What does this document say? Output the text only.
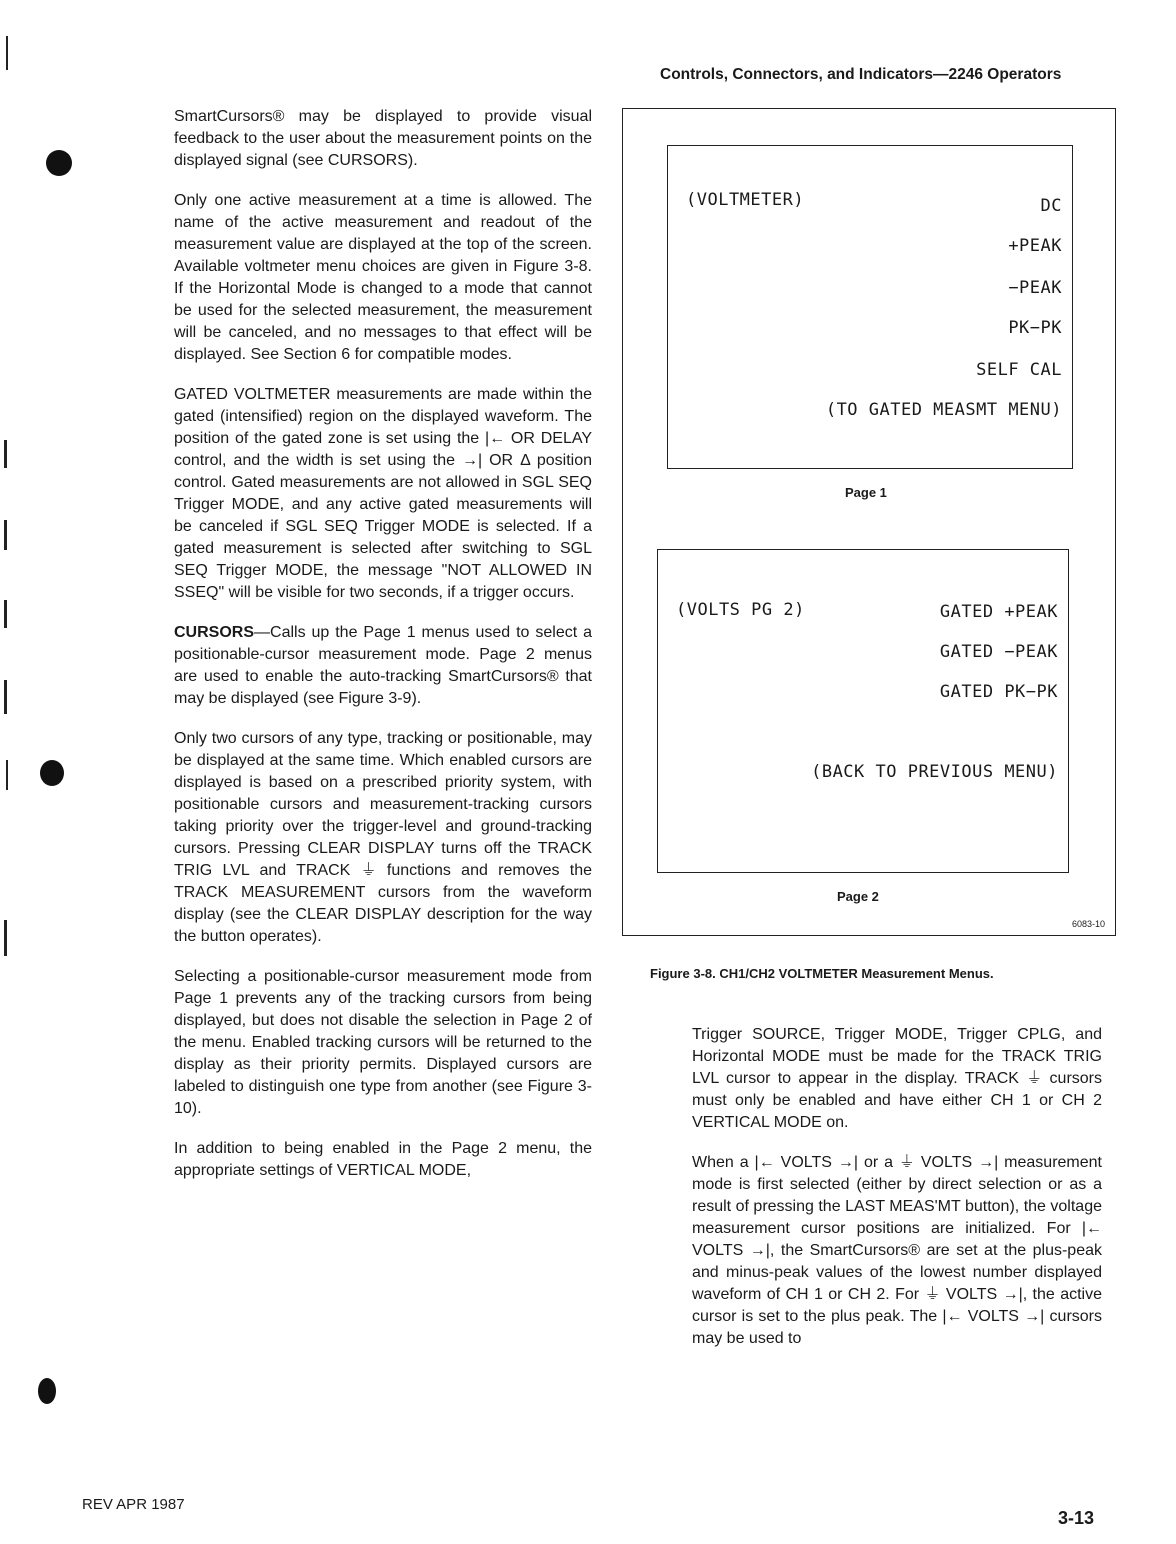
Controls, Connectors, and Indicators—2246 Operators

SmartCursors® may be displayed to provide visual feedback to the user about the measurement points on the displayed signal (see CURSORS).

Only one active measurement at a time is allowed. The name of the active measurement and readout of the measurement value are displayed at the top of the screen. Available voltmeter menu choices are given in Figure 3-8. If the Horizontal Mode is changed to a mode that cannot be used for the selected measurement, the measurement will be canceled, and no messages to that effect will be displayed. See Section 6 for compatible modes.

GATED VOLTMETER measurements are made within the gated (intensified) region on the displayed waveform. The position of the gated zone is set using the |← OR DELAY control, and the width is set using the →| OR Δ position control. Gated measurements are not allowed in SGL SEQ Trigger MODE, and any active gated measurements will be canceled if SGL SEQ Trigger MODE is selected. If a gated measurement is selected after switching to SGL SEQ Trigger MODE, the message "NOT ALLOWED IN SSEQ" will be visible for two seconds, if a trigger occurs.

CURSORS—Calls up the Page 1 menus used to select a positionable-cursor measurement mode. Page 2 menus are used to enable the auto-tracking SmartCursors® that may be displayed (see Figure 3-9).

Only two cursors of any type, tracking or positionable, may be displayed at the same time. Which enabled cursors are displayed is based on a prescribed priority system, with positionable cursors and measurement-tracking cursors taking priority over the trigger-level and ground-tracking cursors. Pressing CLEAR DISPLAY turns off the TRACK TRIG LVL and TRACK ⏚ functions and removes the TRACK MEASUREMENT cursors from the waveform display (see the CLEAR DISPLAY description for the way the button operates).

Selecting a positionable-cursor measurement mode from Page 1 prevents any of the tracking cursors from being displayed, but does not disable the selection in Page 2 of the menu. Enabled tracking cursors will be returned to the display as their priority permits. Displayed cursors are labeled to distinguish one type from another (see Figure 3-10).

In addition to being enabled in the Page 2 menu, the appropriate settings of VERTICAL MODE,

(VOLTMETER)	DC
+PEAK
−PEAK
PK−PK
SELF CAL
(TO GATED MEASMT MENU)
Page 1
(VOLTS PG 2)	GATED +PEAK
GATED −PEAK
GATED PK−PK
(BACK TO PREVIOUS MENU)
Page 2
6083-10
Figure 3-8. CH1/CH2 VOLTMETER Measurement Menus.

Trigger SOURCE, Trigger MODE, Trigger CPLG, and Horizontal MODE must be made for the TRACK TRIG LVL cursor to appear in the display. TRACK ⏚ cursors must only be enabled and have either CH 1 or CH 2 VERTICAL MODE on.

When a |← VOLTS →| or a ⏚ VOLTS →| measurement mode is first selected (either by direct selection or as a result of pressing the LAST MEAS'MT button), the voltage measurement cursor positions are initialized. For |← VOLTS →|, the SmartCursors® are set at the plus-peak and minus-peak values of the lowest number displayed waveform of CH 1 or CH 2. For ⏚ VOLTS →|, the active cursor is set to the plus peak. The |← VOLTS →| cursors may be used to

REV APR 1987
3-13
